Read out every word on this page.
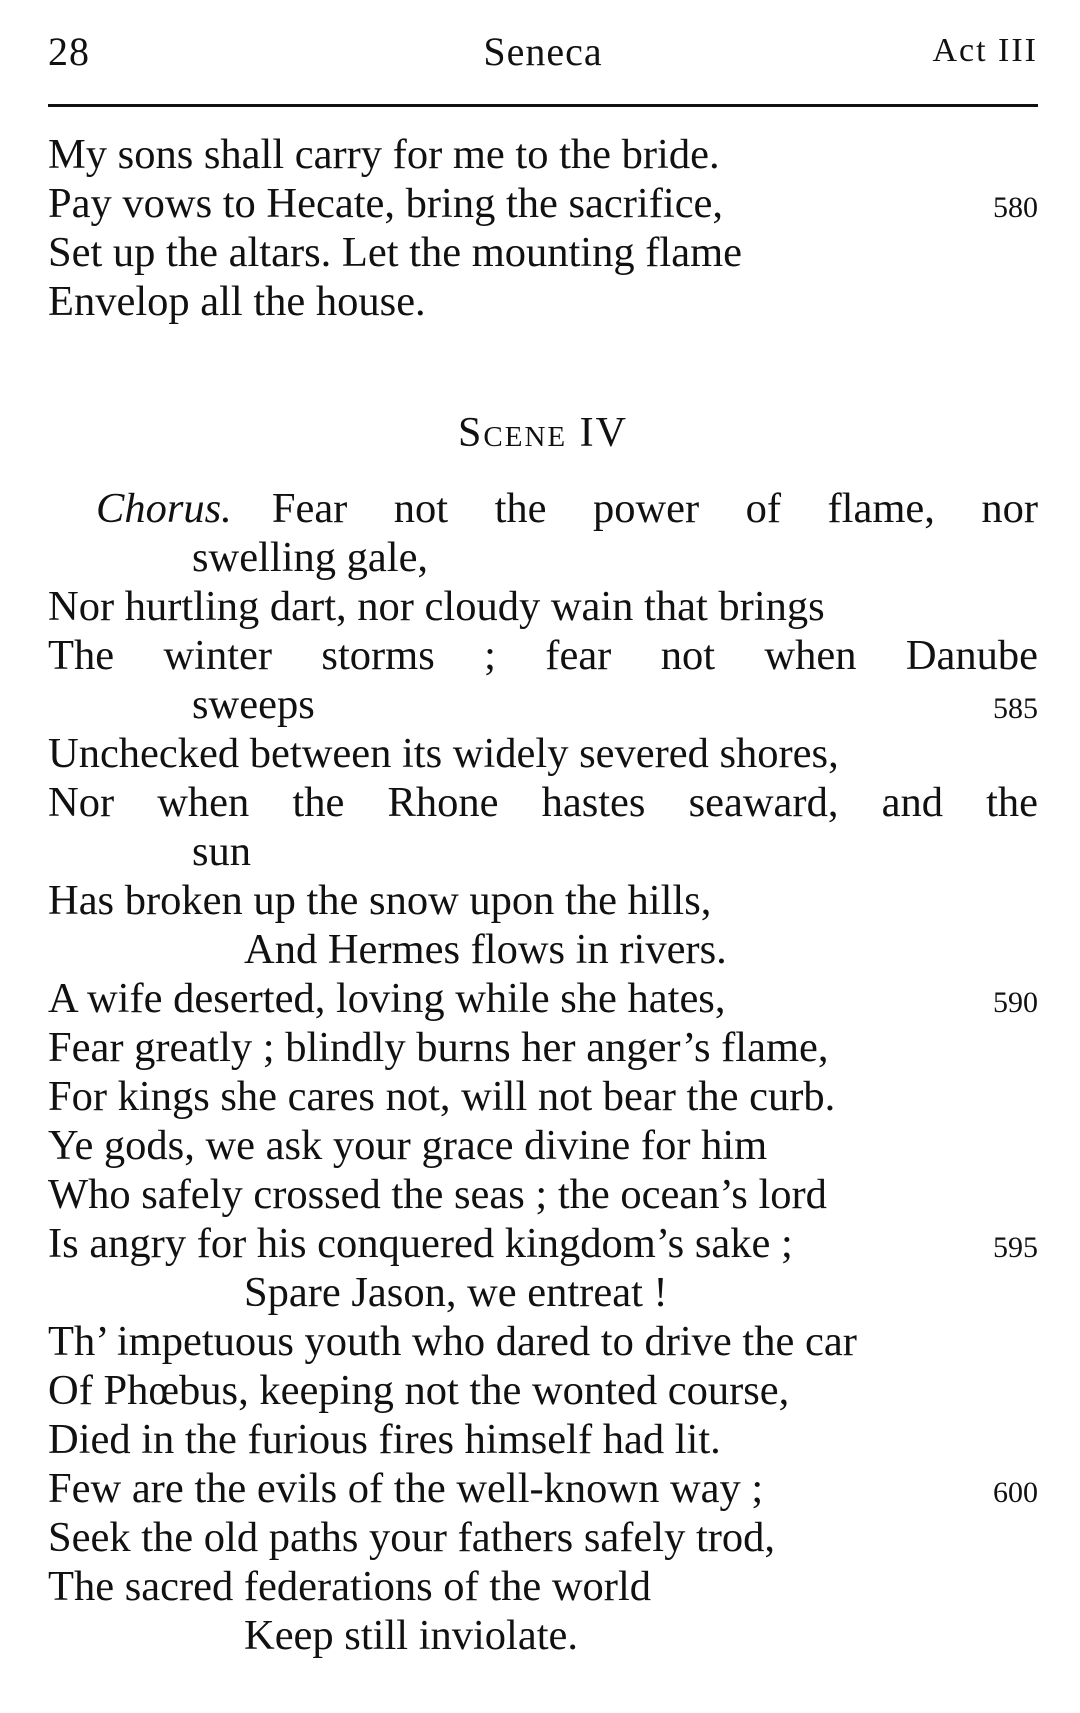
28	Seneca	Act III
My sons shall carry for me to the bride.
Pay vows to Hecate, bring the sacrifice,	580
Set up the altars. Let the mounting flame
Envelop all the house.
Scene IV
Chorus. Fear not the power of flame, nor
swelling gale,
Nor hurtling dart, nor cloudy wain that brings
The winter storms ; fear not when Danube
sweeps	585
Unchecked between its widely severed shores,
Nor when the Rhone hastes seaward, and the
sun
Has broken up the snow upon the hills,
And Hermes flows in rivers.
A wife deserted, loving while she hates,	590
Fear greatly ; blindly burns her anger’s flame,
For kings she cares not, will not bear the curb.
Ye gods, we ask your grace divine for him
Who safely crossed the seas ; the ocean’s lord
Is angry for his conquered kingdom’s sake ;	595
Spare Jason, we entreat !
Th’ impetuous youth who dared to drive the car
Of Phœbus, keeping not the wonted course,
Died in the furious fires himself had lit.
Few are the evils of the well-known way ;	600
Seek the old paths your fathers safely trod,
The sacred federations of the world
Keep still inviolate.
